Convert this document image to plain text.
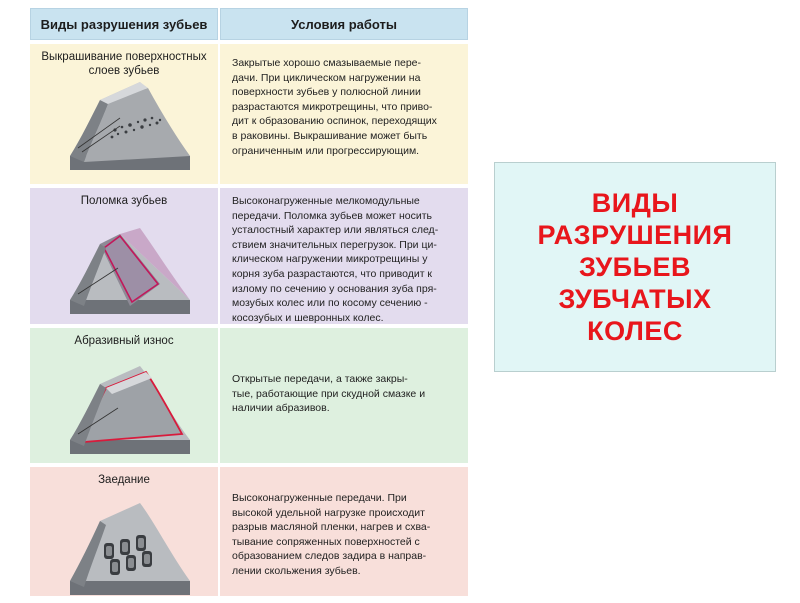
Виды разрушения зубьев	Условия работы
Выкрашивание поверхностных
слоев зубьев
Закрытые хорошо смазываемые пере-
дачи. При циклическом нагружении на
поверхности зубьев у полюсной линии
разрастаются микротрещины, что приво-
дит к образованию оспинок, переходящих
в раковины. Выкрашивание может быть
ограниченным или прогрессирующим.
Поломка зубьев	Высоконагруженные мелкомодульные
передачи. Поломка зубьев может носить
усталостный характер или являться след-
ствием значительных перегрузок. При ци-
клическом нагружении микротрещины у
корня зуба разрастаются, что приводит к
излому по сечению у основания зуба пря-
мозубых колес или по косому сечению -
косозубых и шевронных колес.
Абразивный износ
Открытые передачи, а также закры-
тые, работающие при скудной смазке и
наличии абразивов.
Заедание
Высоконагруженные передачи. При
высокой удельной нагрузке происходит
разрыв масляной пленки, нагрев и схва-
тывание сопряженных поверхностей с
образованием следов задира в направ-
лении скольжения зубьев.
ВИДЫ
РАЗРУШЕНИЯ
ЗУБЬЕВ
ЗУБЧАТЫХ
КОЛЕС
